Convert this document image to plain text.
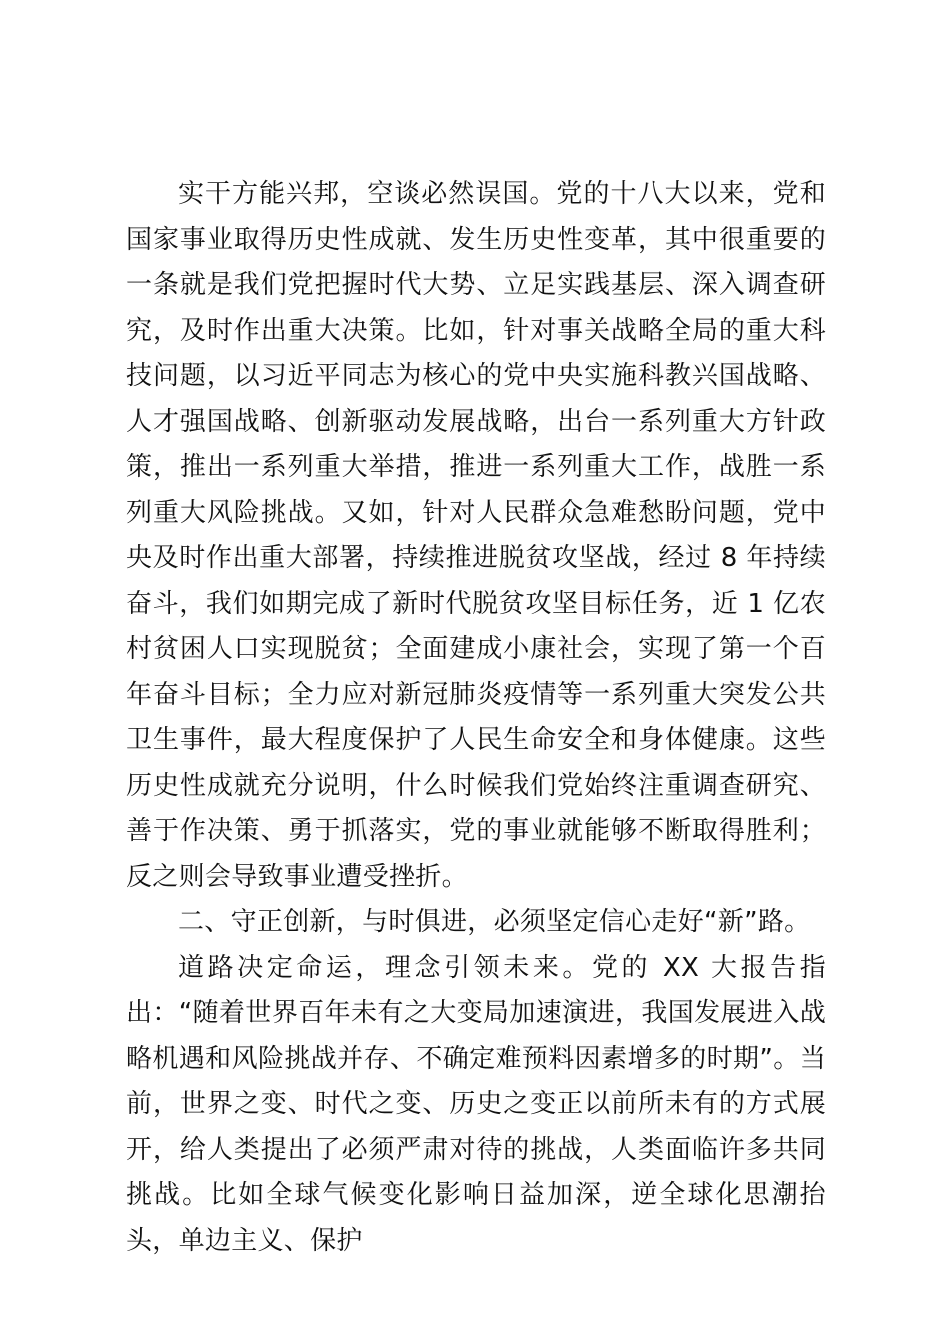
实干方能兴邦，空谈必然误国。党的十八大以来，党和国家事业取得历史性成就、发生历史性变革，其中很重要的一条就是我们党把握时代大势、立足实践基层、深入调查研究，及时作出重大决策。比如，针对事关战略全局的重大科技问题，以习近平同志为核心的党中央实施科教兴国战略、人才强国战略、创新驱动发展战略，出台一系列重大方针政策，推出一系列重大举措，推进一系列重大工作，战胜一系列重大风险挑战。又如，针对人民群众急难愁盼问题，党中央及时作出重大部署，持续推进脱贫攻坚战，经过 8 年持续奋斗，我们如期完成了新时代脱贫攻坚目标任务，近 1 亿农村贫困人口实现脱贫；全面建成小康社会，实现了第一个百年奋斗目标；全力应对新冠肺炎疫情等一系列重大突发公共卫生事件，最大程度保护了人民生命安全和身体健康。这些历史性成就充分说明，什么时候我们党始终注重调查研究、善于作决策、勇于抓落实，党的事业就能够不断取得胜利；反之则会导致事业遭受挫折。

二、守正创新，与时俱进，必须坚定信心走好“新”路。

道路决定命运，理念引领未来。党的 XX 大报告指出：“随着世界百年未有之大变局加速演进，我国发展进入战略机遇和风险挑战并存、不确定难预料因素增多的时期”。当前，世界之变、时代之变、历史之变正以前所未有的方式展开，给人类提出了必须严肃对待的挑战，人类面临许多共同挑战。比如全球气候变化影响日益加深，逆全球化思潮抬头，单边主义、保护
